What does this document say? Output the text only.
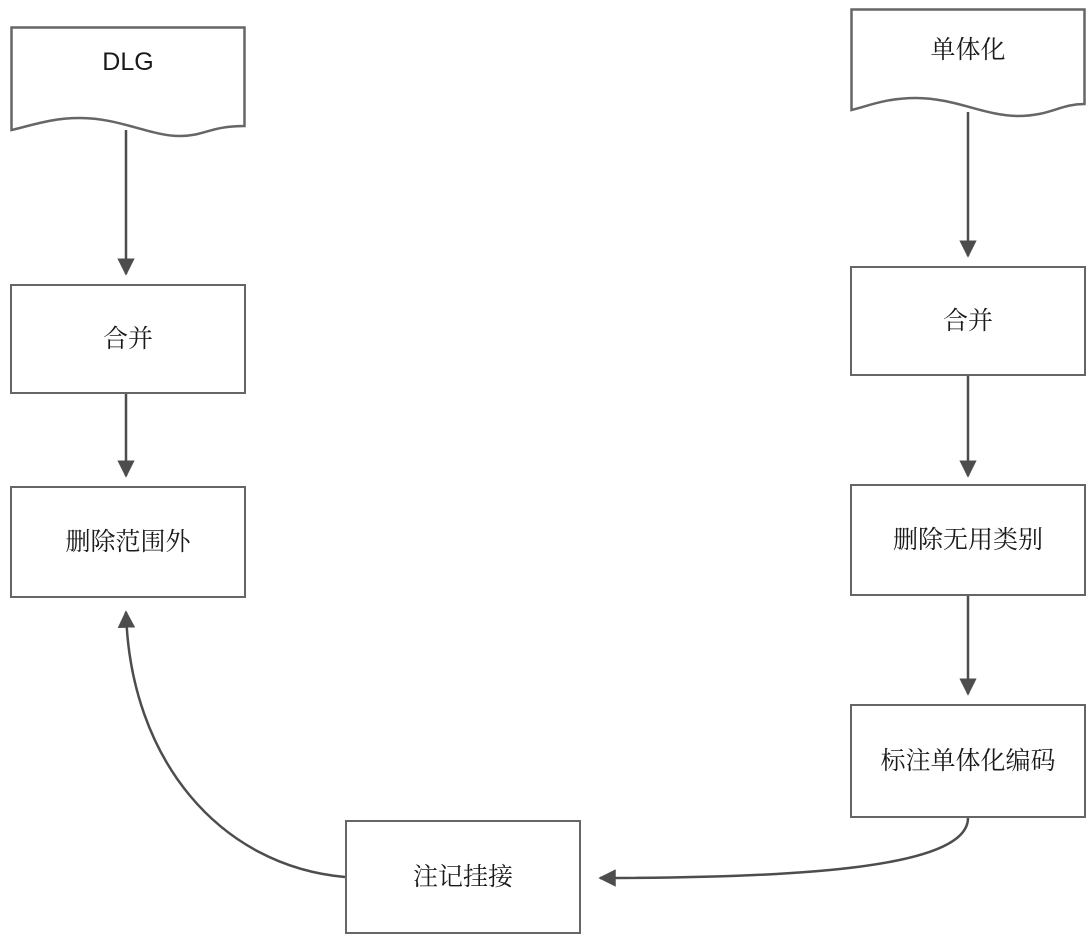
DLG	单体化
合并
合并
删除范围外	删除无用类别
标注单体化编码
注记挂接
